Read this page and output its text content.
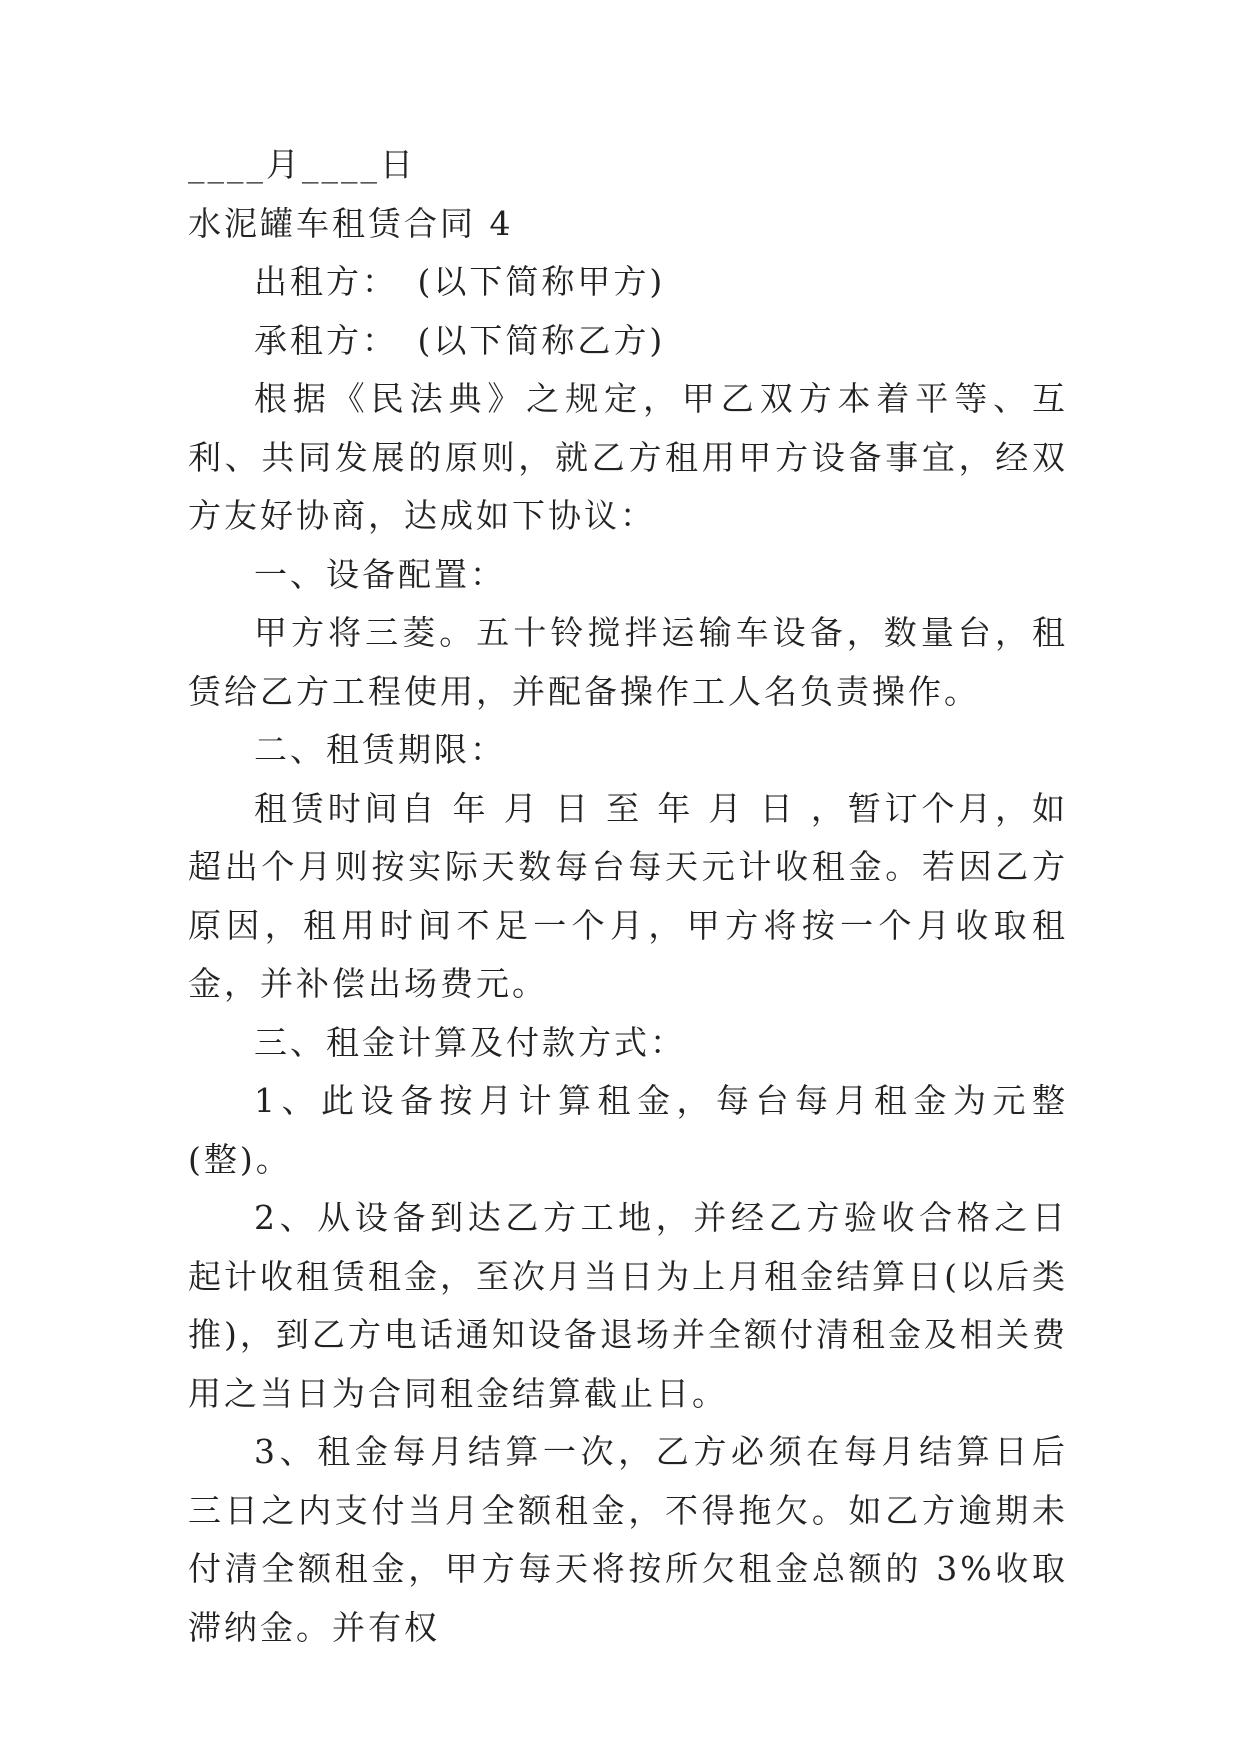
____月____日

水泥罐车租赁合同 4

出租方：　(以下简称甲方)

承租方：　(以下简称乙方)

根据《民法典》之规定，甲乙双方本着平等、互利、共同发展的原则，就乙方租用甲方设备事宜，经双方友好协商，达成如下协议：

一、设备配置：

甲方将三菱。五十铃搅拌运输车设备，数量台，租赁给乙方工程使用，并配备操作工人名负责操作。

二、租赁期限：

租赁时间自 年 月 日 至 年 月 日 ，暂订个月，如超出个月则按实际天数每台每天元计收租金。若因乙方原因，租用时间不足一个月，甲方将按一个月收取租金，并补偿出场费元。

三、租金计算及付款方式：

1、此设备按月计算租金，每台每月租金为元整(整)。

2、从设备到达乙方工地，并经乙方验收合格之日起计收租赁租金，至次月当日为上月租金结算日(以后类推)，到乙方电话通知设备退场并全额付清租金及相关费用之当日为合同租金结算截止日。

3、租金每月结算一次，乙方必须在每月结算日后三日之内支付当月全额租金，不得拖欠。如乙方逾期未付清全额租金，甲方每天将按所欠租金总额的 3%收取滞纳金。并有权
